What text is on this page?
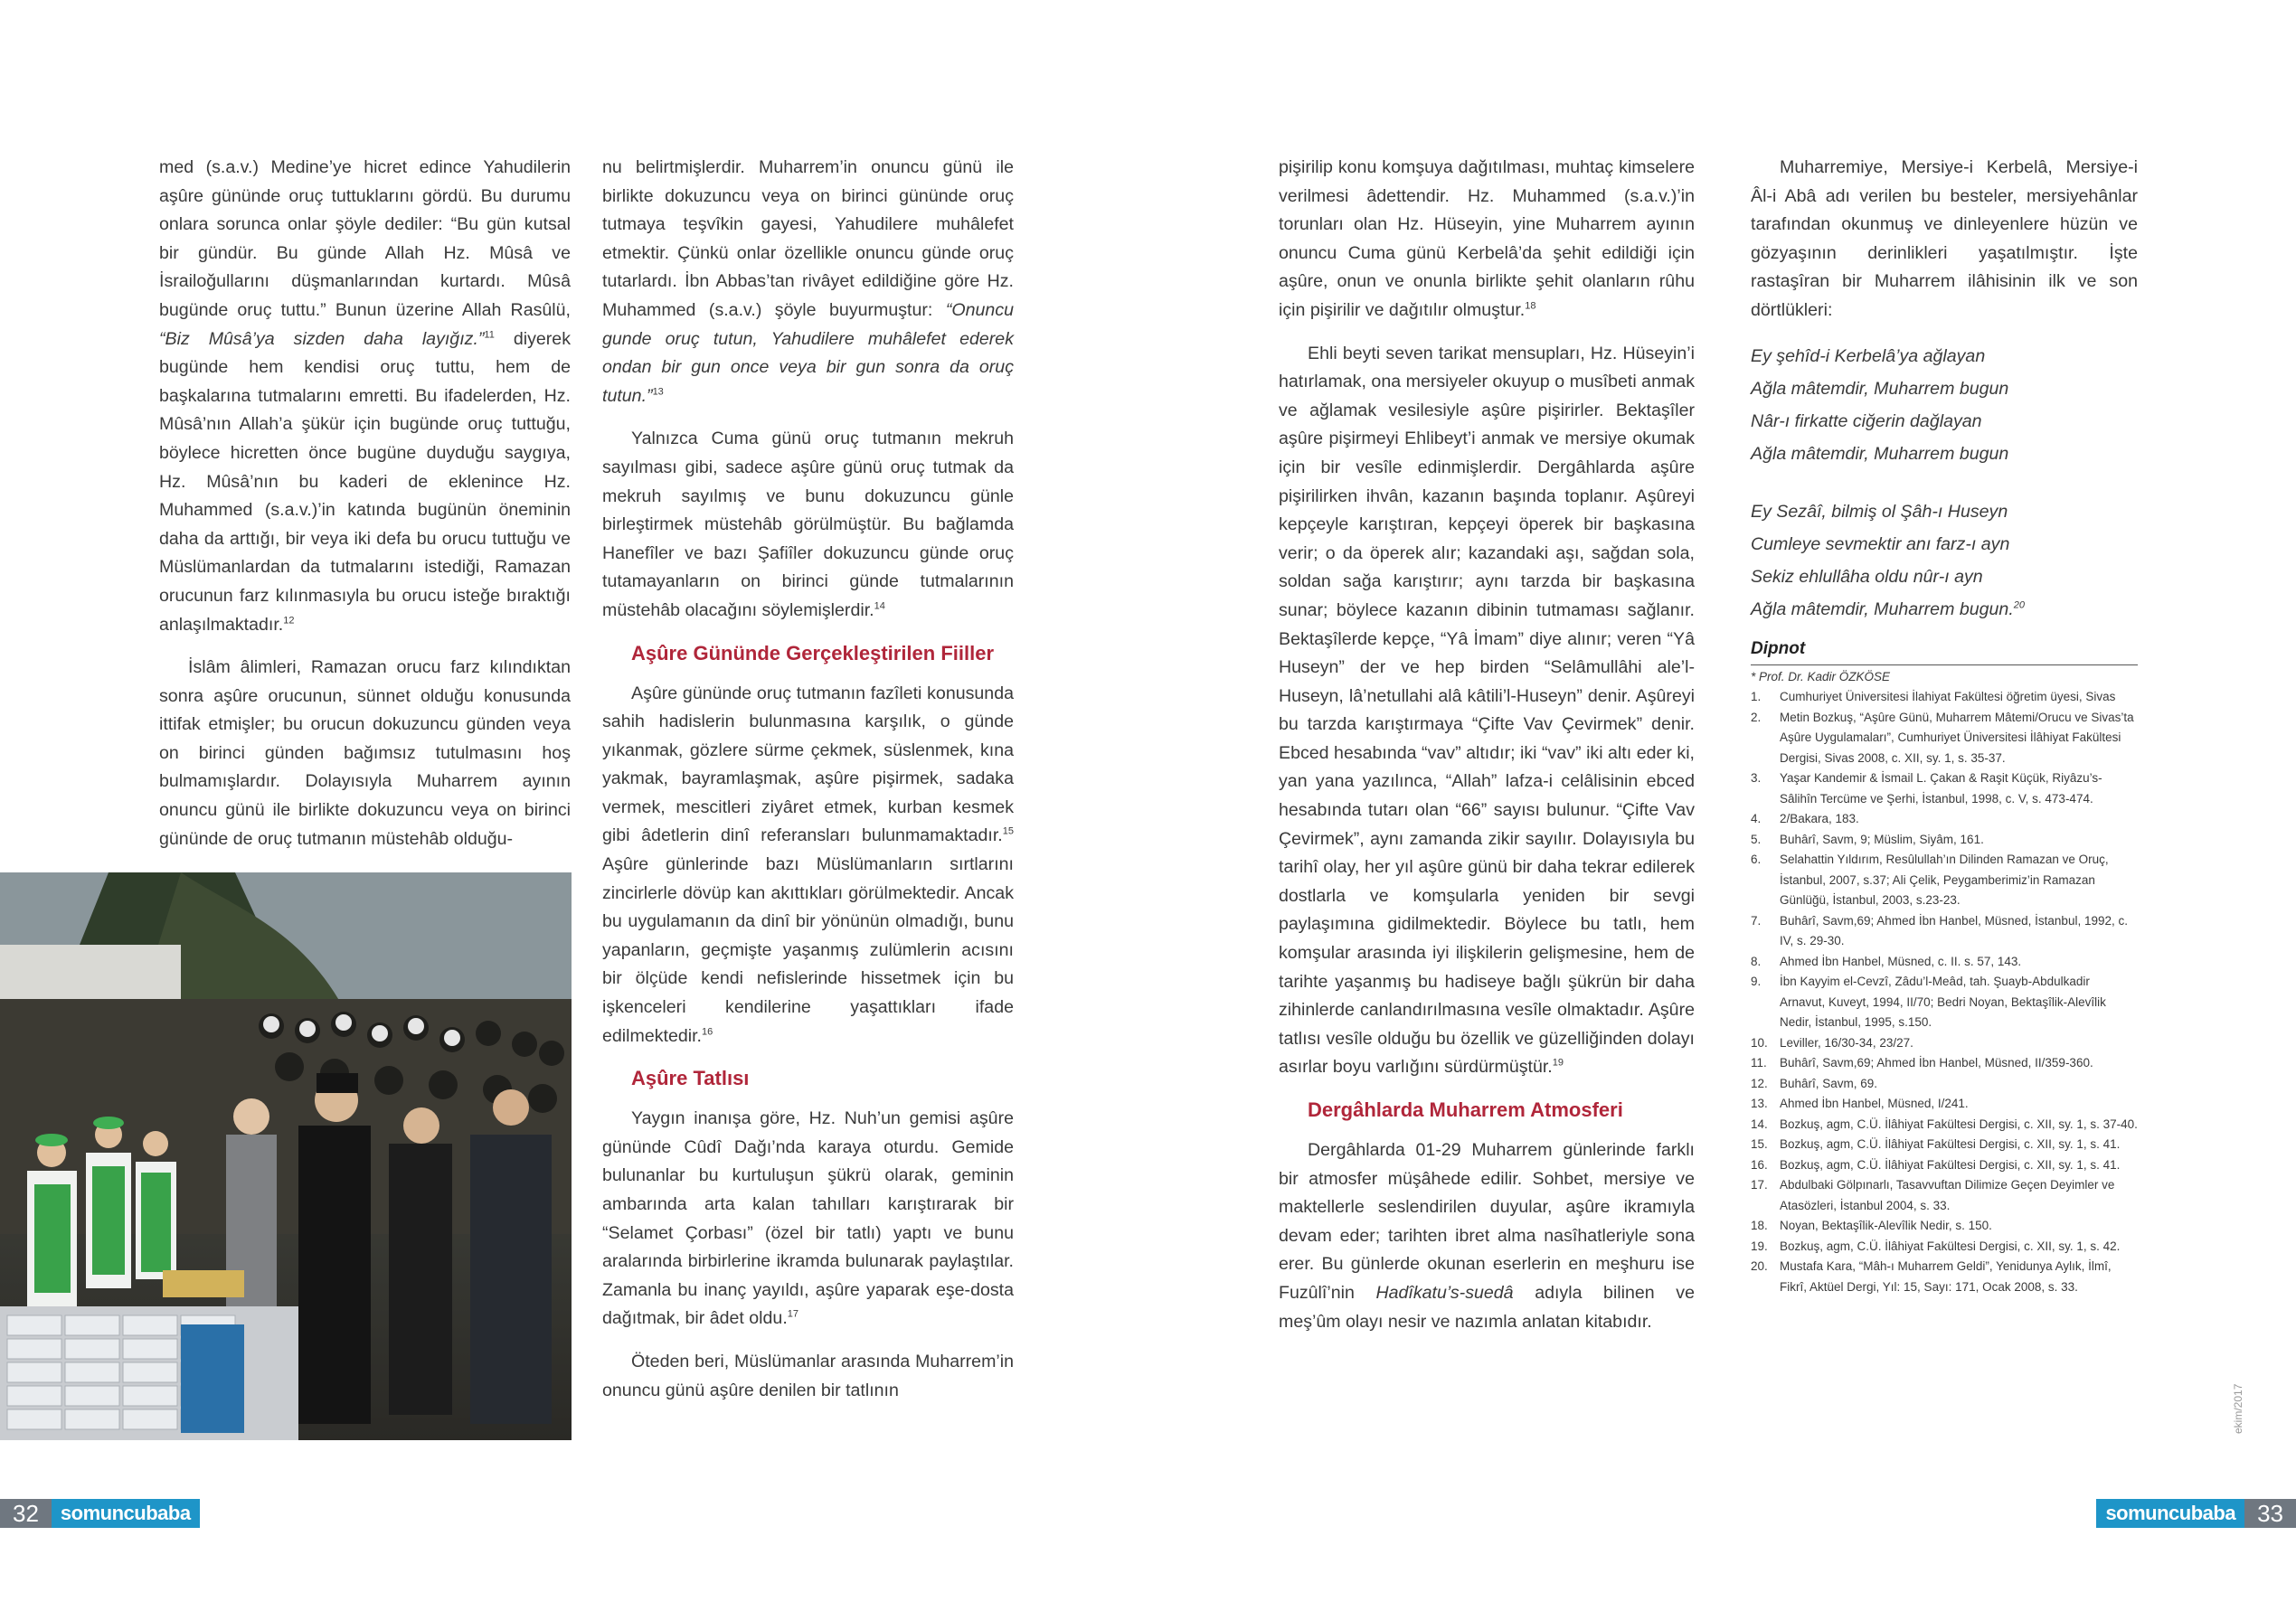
med (s.a.v.) Medine’ye hicret edince Yahudilerin aşûre gününde oruç tuttuklarını gördü. Bu durumu onlara sorunca onlar şöyle dediler: “Bu gün kutsal bir gündür. Bu günde Allah Hz. Mûsâ ve İsrailoğullarını düşmanlarından kurtardı. Mûsâ bugünde oruç tuttu.” Bunun üzerine Allah Rasûlü, “Biz Mûsâ’ya sizden daha layığız.”$^{11}$ diyerek bugünde hem kendisi oruç tuttu, hem de başkalarına tutmalarını emretti. Bu ifadelerden, Hz. Mûsâ’nın Allah’a şükür için bugünde oruç tuttuğu, böylece hicretten önce bugüne duyduğu saygıya, Hz. Mûsâ’nın bu kaderi de eklenince Hz. Muhammed (s.a.v.)’in katında bugünün öneminin daha da arttığı, bir veya iki defa bu orucu tuttuğu ve Müslümanlardan da tutmalarını istediği, Ramazan orucunun farz kılınmasıyla bu orucu isteğe bıraktığı anlaşılmaktadır.$^{12}$

İslâm âlimleri, Ramazan orucu farz kılındıktan sonra aşûre orucunun, sünnet olduğu konusunda ittifak etmişler; bu orucun dokuzuncu günden veya on birinci günden bağımsız tutulmasını hoş bulmamışlardır. Dolayısıyla Muharrem ayının onuncu günü ile birlikte dokuzuncu veya on birinci gününde de oruç tutmanın müstehâb olduğu-

nu belirtmişlerdir. Muharrem’in onuncu günü ile birlikte dokuzuncu veya on birinci gününde oruç tutmaya teşvîkin gayesi, Yahudilere muhâlefet etmektir. Çünkü onlar özellikle onuncu günde oruç tutarlardı. İbn Abbas’tan rivâyet edildiğine göre Hz. Muhammed (s.a.v.) şöyle buyurmuştur: “Onuncu gunde oruç tutun, Yahudilere muhâlefet ederek ondan bir gun once veya bir gun sonra da oruç tutun.”$^{13}$

Yalnızca Cuma günü oruç tutmanın mekruh sayılması gibi, sadece aşûre günü oruç tutmak da mekruh sayılmış ve bunu dokuzuncu günle birleştirmek müstehâb görülmüştür. Bu bağlamda Hanefîler ve bazı Şafiîler dokuzuncu günde oruç tutamayanların on birinci günde tutmalarının müstehâb olacağını söylemişlerdir.$^{14}$

Aşûre Gününde Gerçekleştirilen Fiiller

Aşûre gününde oruç tutmanın fazîleti konusunda sahih hadislerin bulunmasına karşılık, o günde yıkanmak, gözlere sürme çekmek, süslenmek, kına yakmak, bayramlaşmak, aşûre pişirmek, sadaka vermek, mescitleri ziyâret etmek, kurban kesmek gibi âdetlerin dinî referansları bulunmamaktadır.$^{15}$ Aşûre günlerinde bazı Müslümanların sırtlarını zincirlerle dövüp kan akıttıkları görülmektedir. Ancak bu uygulamanın da dinî bir yönünün olmadığı, bunu yapanların, geçmişte yaşanmış zulümlerin acısını bir ölçüde kendi nefislerinde hissetmek için bu işkenceleri kendilerine yaşattıkları ifade edilmektedir.$^{16}$

Aşûre Tatlısı

Yaygın inanışa göre, Hz. Nuh’un gemisi aşûre gününde Cûdî Dağı’nda karaya oturdu. Gemide bulunanlar bu kurtuluşun şükrü olarak, geminin ambarında arta kalan tahılları karıştırarak bir “Selamet Çorbası” (özel bir tatlı) yaptı ve bunu aralarında birbirlerine ikramda bulunarak paylaştılar. Zamanla bu inanç yayıldı, aşûre yaparak eşe-dosta dağıtmak, bir âdet oldu.$^{17}$

Öteden beri, Müslümanlar arasında Muharrem’in onuncu günü aşûre denilen bir tatlının

32	somuncubaba

pişirilip konu komşuya dağıtılması, muhtaç kimselere verilmesi âdettendir. Hz. Muhammed (s.a.v.)’in torunları olan Hz. Hüseyin, yine Muharrem ayının onuncu Cuma günü Kerbelâ’da şehit edildiği için aşûre, onun ve onunla birlikte şehit olanların rûhu için pişirilir ve dağıtılır olmuştur.$^{18}$

Ehli beyti seven tarikat mensupları, Hz. Hüseyin’i hatırlamak, ona mersiyeler okuyup o musîbeti anmak ve ağlamak vesilesiyle aşûre pişirirler. Bektaşîler aşûre pişirmeyi Ehlibeyt’i anmak ve mersiye okumak için bir vesîle edinmişlerdir. Dergâhlarda aşûre pişirilirken ihvân, kazanın başında toplanır. Aşûreyi kepçeyle karıştıran, kepçeyi öperek bir başkasına verir; o da öperek alır; kazandaki aşı, sağdan sola, soldan sağa karıştırır; aynı tarzda bir başkasına sunar; böylece kazanın dibinin tutmaması sağlanır. Bektaşîlerde kepçe, “Yâ İmam” diye alınır; veren “Yâ Huseyn” der ve hep birden “Selâmullâhi ale’l-Huseyn, lâ’netullahi alâ kâtili’l-Huseyn” denir. Aşûreyi bu tarzda karıştırmaya “Çifte Vav Çevirmek” denir. Ebced hesabında “vav” altıdır; iki “vav” iki altı eder ki, yan yana yazılınca, “Allah” lafza-i celâlisinin ebced hesabında tutarı olan “66” sayısı bulunur. “Çifte Vav Çevirmek”, aynı zamanda zikir sayılır. Dolayısıyla bu tarihî olay, her yıl aşûre günü bir daha tekrar edilerek dostlarla ve komşularla yeniden bir sevgi paylaşımına gidilmektedir. Böylece bu tatlı, hem komşular arasında iyi ilişkilerin gelişmesine, hem de tarihte yaşanmış bu hadiseye bağlı şükrün bir daha zihinlerde canlandırılmasına vesîle olmaktadır. Aşûre tatlısı vesîle olduğu bu özellik ve güzelliğinden dolayı asırlar boyu varlığını sürdürmüştür.$^{19}$

Dergâhlarda Muharrem Atmosferi

Dergâhlarda 01-29 Muharrem günlerinde farklı bir atmosfer müşâhede edilir. Sohbet, mersiye ve maktellerle seslendirilen duyular, aşûre ikramıyla devam eder; tarihten ibret alma nasîhatleriyle sona erer. Bu günlerde okunan eserlerin en meşhuru ise Fuzûlî’nin Hadîkatu’s-suedâ adıyla bilinen ve meş’ûm olayı nesir ve nazımla anlatan kitabıdır.

Muharremiye, Mersiye-i Kerbelâ, Mersiye-i Âl-i Abâ adı verilen bu besteler, mersiyehânlar tarafından okunmuş ve dinleyenlere hüzün ve gözyaşının derinlikleri yaşatılmıştır. İşte rastaşîran bir Muharrem ilâhisinin ilk ve son dörtlükleri:

Ey şehîd-i Kerbelâ’ya ağlayan
Ağla mâtemdir, Muharrem bugun
Nâr-ı firkatte ciğerin dağlayan
Ağla mâtemdir, Muharrem bugun
Ey Sezâî, bilmiş ol Şâh-ı Huseyn
Cumleye sevmektir anı farz-ı ayn
Sekiz ehlullâha oldu nûr-ı ayn
Ağla mâtemdir, Muharrem bugun.$^{20}$
Dipnot
* Prof. Dr. Kadir ÖZKÖSE
1.	Cumhuriyet Üniversitesi İlahiyat Fakültesi öğretim üyesi, Sivas
2.	Metin Bozkuş, “Aşûre Günü, Muharrem Mâtemi/Orucu ve Sivas’ta Aşûre Uygulamaları”, Cumhuriyet Üniversitesi İlâhiyat Fakültesi Dergisi, Sivas 2008, c. XII, sy. 1, s. 35-37.
3.	Yaşar Kandemir & İsmail L. Çakan & Raşit Küçük, Riyâzu’s-Sâlihîn Tercüme ve Şerhi, İstanbul, 1998, c. V, s. 473-474.
4.	2/Bakara, 183.
5.	Buhârî, Savm, 9; Müslim, Siyâm, 161.
6.	Selahattin Yıldırım, Resûlullah’ın Dilinden Ramazan ve Oruç, İstanbul, 2007, s.37; Ali Çelik, Peygamberimiz’in Ramazan Günlüğü, İstanbul, 2003, s.23-23.
7.	Buhârî, Savm,69; Ahmed İbn Hanbel, Müsned, İstanbul, 1992, c. IV, s. 29-30.
8.	Ahmed İbn Hanbel, Müsned, c. II. s. 57, 143.
9.	İbn Kayyim el-Cevzî, Zâdu’l-Meâd, tah. Şuayb-Abdulkadir Arnavut, Kuveyt, 1994, II/70; Bedri Noyan, Bektaşîlik-Alevîlik Nedir, İstanbul, 1995, s.150.
10. Leviller, 16/30-34, 23/27.
11.	Buhârî, Savm,69; Ahmed İbn Hanbel, Müsned, II/359-360.
12. Buhârî, Savm, 69.
13. Ahmed İbn Hanbel, Müsned, I/241.
14. Bozkuş, agm, C.Ü. İlâhiyat Fakültesi Dergisi, c. XII, sy. 1, s. 37-40.
15. Bozkuş, agm, C.Ü. İlâhiyat Fakültesi Dergisi, c. XII, sy. 1, s. 41.
16. Bozkuş, agm, C.Ü. İlâhiyat Fakültesi Dergisi, c. XII, sy. 1, s. 41.
17. Abdulbaki Gölpınarlı, Tasavvuftan Dilimize Geçen Deyimler ve Atasözleri, İstanbul 2004, s. 33.
18. Noyan, Bektaşîlik-Alevîlik Nedir, s. 150.
19. Bozkuş, agm, C.Ü. İlâhiyat Fakültesi Dergisi, c. XII, sy. 1, s. 42.
20. Mustafa Kara, “Mâh-ı Muharrem Geldi”, Yenidunya Aylık, İlmî, Fikrî, Aktüel Dergi, Yıl: 15, Sayı: 171, Ocak 2008, s. 33.
ekim/2017
somuncubaba 33
